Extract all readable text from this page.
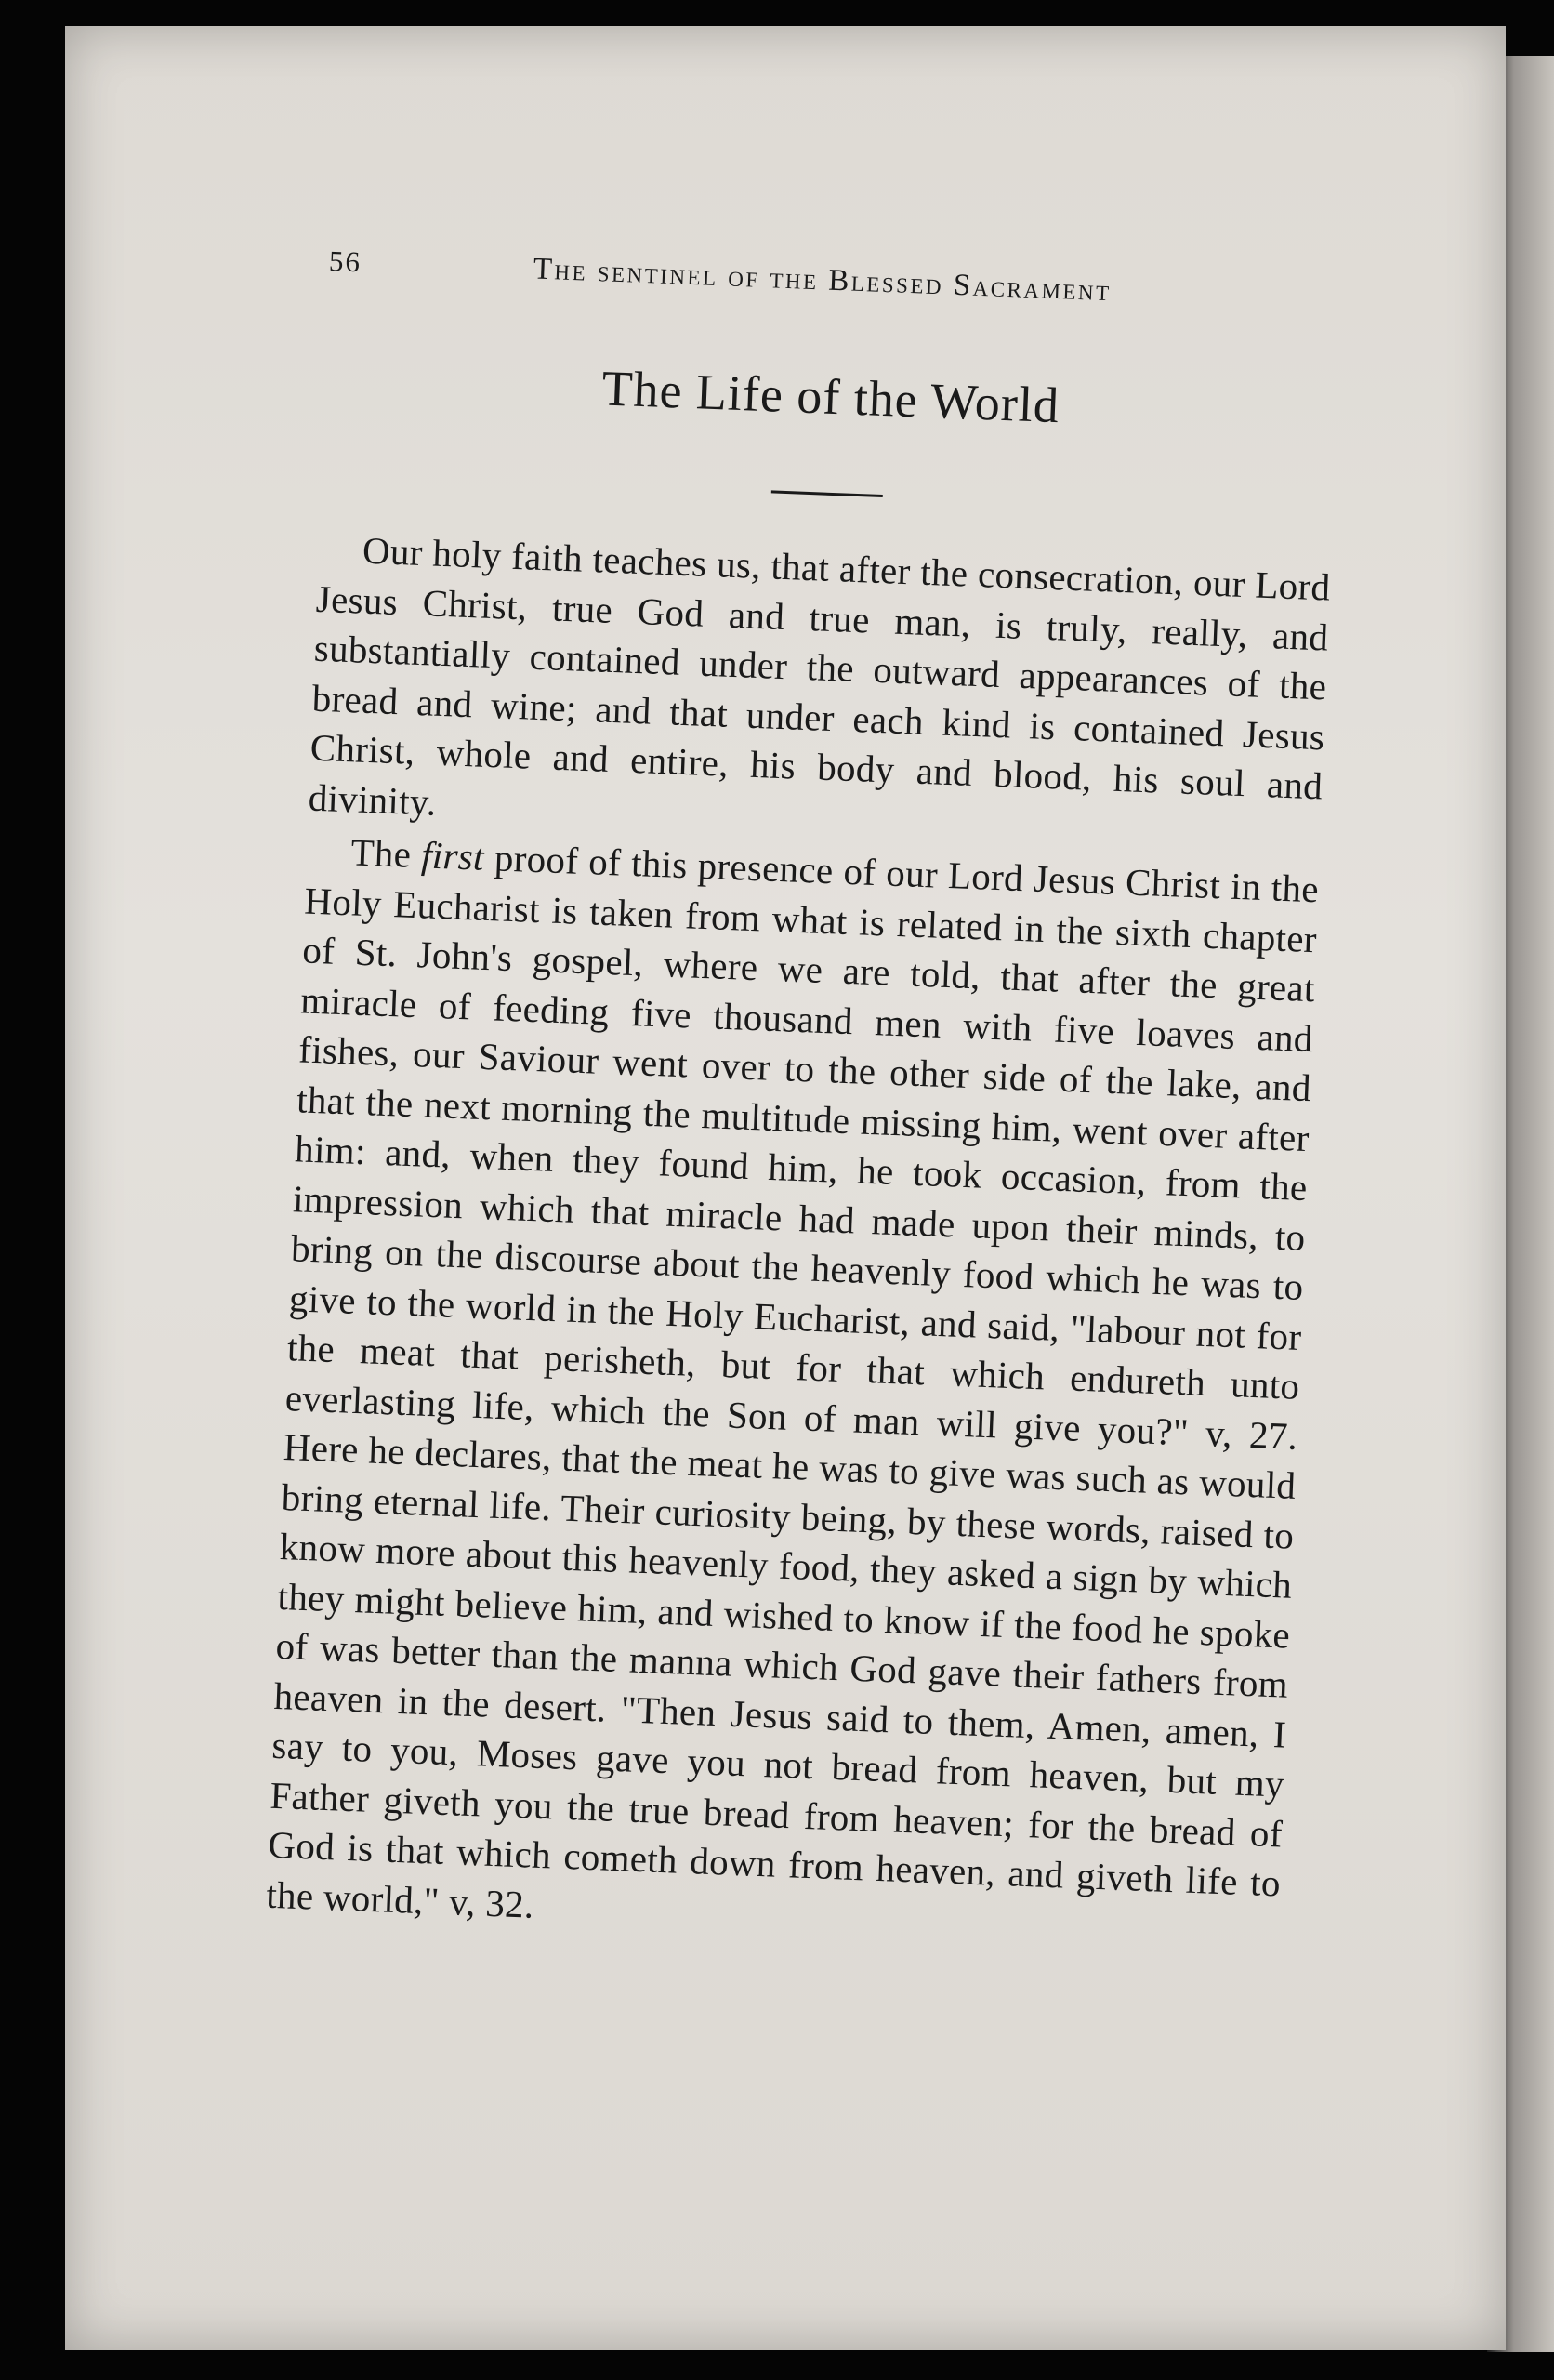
56	The sentinel of the Blessed Sacrament
The Life of the World

Our holy faith teaches us, that after the consecration, our Lord Jesus Christ, true God and true man, is truly, really, and substantially contained under the outward appearances of the bread and wine; and that under each kind is contained Jesus Christ, whole and entire, his body and blood, his soul and divinity.

The first proof of this presence of our Lord Jesus Christ in the Holy Eucharist is taken from what is related in the sixth chapter of St. John's gospel, where we are told, that after the great miracle of feeding five thousand men with five loaves and fishes, our Saviour went over to the other side of the lake, and that the next morning the multitude missing him, went over after him: and, when they found him, he took occasion, from the impression which that miracle had made upon their minds, to bring on the discourse about the heavenly food which he was to give to the world in the Holy Eucharist, and said, "labour not for the meat that perisheth, but for that which endureth unto everlasting life, which the Son of man will give you?" v, 27. Here he declares, that the meat he was to give was such as would bring eternal life. Their curiosity being, by these words, raised to know more about this heavenly food, they asked a sign by which they might believe him, and wished to know if the food he spoke of was better than the manna which God gave their fathers from heaven in the desert. "Then Jesus said to them, Amen, amen, I say to you, Moses gave you not bread from heaven, but my Father giveth you the true bread from heaven; for the bread of God is that which cometh down from heaven, and giveth life to the world," v, 32.
